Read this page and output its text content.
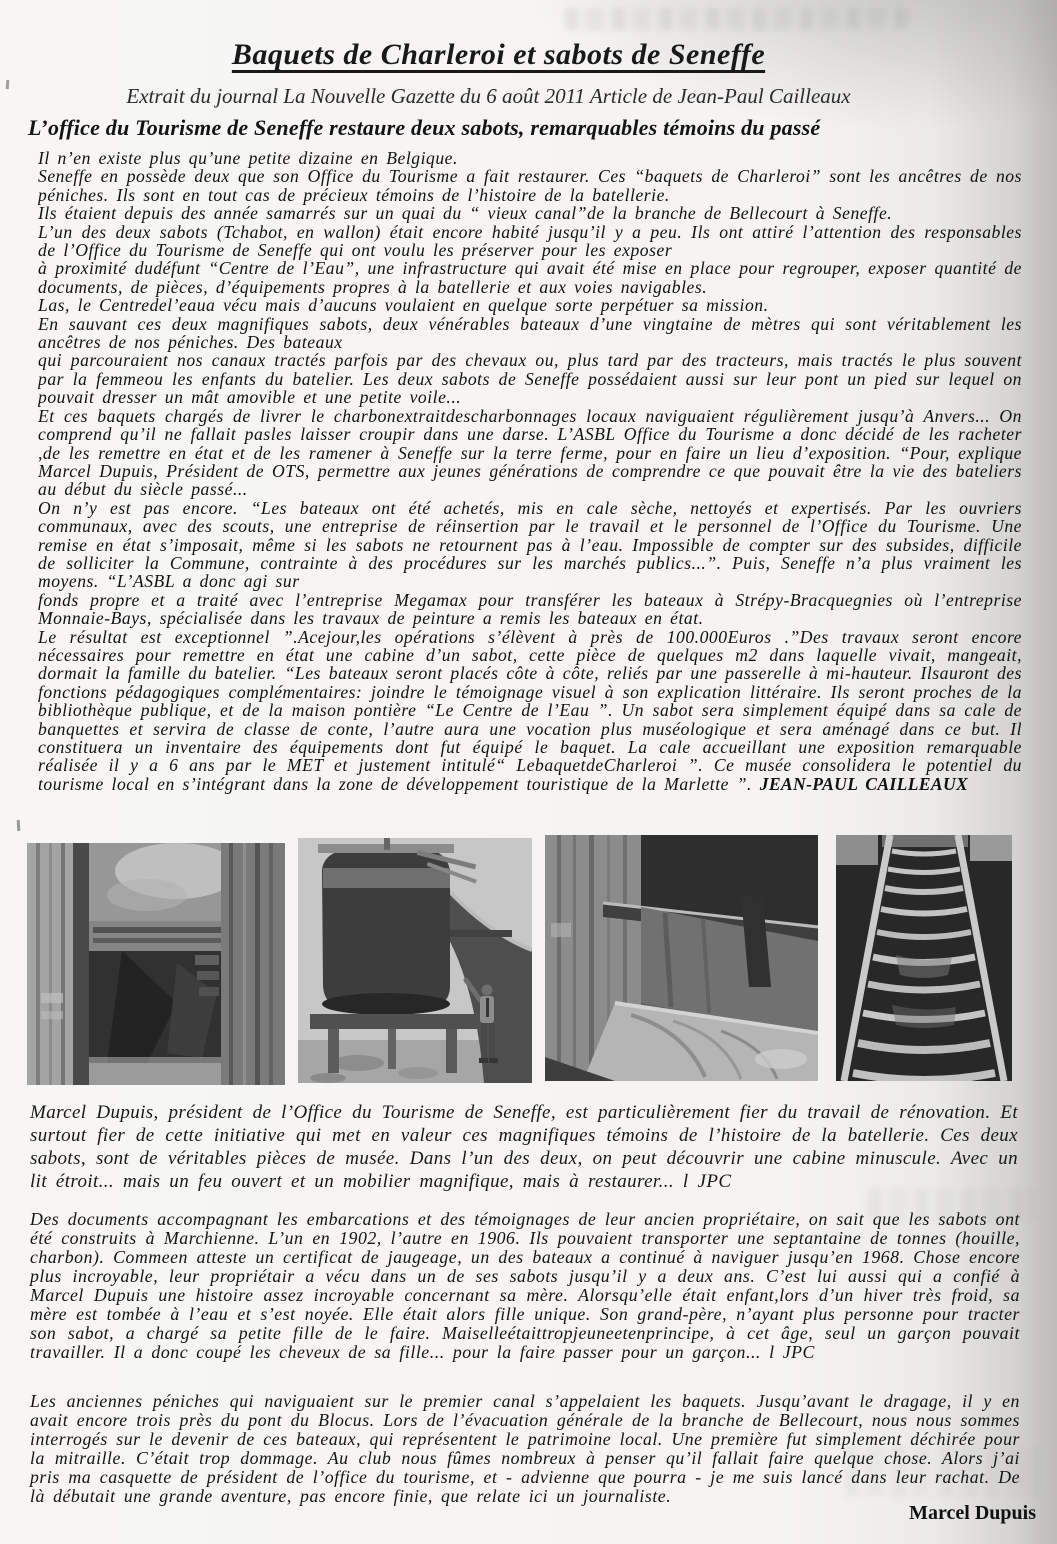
Baquets de Charleroi et sabots de Seneffe
Extrait du journal La Nouvelle Gazette du 6 août 2011 Article de Jean-Paul Cailleaux
L’office du Tourisme de Seneffe restaure deux sabots, remarquables témoins du passé

Il n’en existe plus qu’une petite dizaine en Belgique.

Seneffe en possède deux que son Office du Tourisme a fait restaurer. Ces “baquets de Charleroi” sont les ancêtres de nos péniches. Ils sont en tout cas de précieux témoins de l’histoire de la batellerie.

Ils étaient depuis des année samarrés sur un quai du “ vieux canal”de la branche de Bellecourt à Seneffe.

L’un des deux sabots (Tchabot, en wallon) était encore habité jusqu’il y a peu. Ils ont attiré l’attention des responsables de l’Office du Tourisme de Seneffe qui ont voulu les préserver pour les exposer

à proximité dudéfunt “Centre de l’Eau”, une infrastructure qui avait été mise en place pour regrouper, exposer quantité de documents, de pièces, d’équipements propres à la batellerie et aux voies navigables.

Las, le Centredel’eaua vécu mais d’aucuns voulaient en quelque sorte perpétuer sa mission.

En sauvant ces deux magnifiques sabots, deux vénérables bateaux d’une vingtaine de mètres qui sont véritablement les ancêtres de nos péniches. Des bateaux

qui parcouraient nos canaux tractés parfois par des chevaux ou, plus tard par des tracteurs, mais tractés le plus souvent par la femmeou les enfants du batelier. Les deux sabots de Seneffe possédaient aussi sur leur pont un pied sur lequel on pouvait dresser un mât amovible et une petite voile...

Et ces baquets chargés de livrer le charbonextraitdescharbonnages locaux naviguaient régulièrement jusqu’à Anvers... On comprend qu’il ne fallait pasles laisser croupir dans une darse. L’ASBL Office du Tourisme a donc décidé de les racheter ,de les remettre en état et de les ramener à Seneffe sur la terre ferme, pour en faire un lieu d’exposition. “Pour, explique Marcel Dupuis, Président de OTS, permettre aux jeunes générations de comprendre ce que pouvait être la vie des bateliers au début du siècle passé...

On n’y est pas encore. “Les bateaux ont été achetés, mis en cale sèche, nettoyés et expertisés. Par les ouvriers communaux, avec des scouts, une entreprise de réinsertion par le travail et le personnel de l’Office du Tourisme. Une remise en état s’imposait, même si les sabots ne retournent pas à l’eau. Impossible de compter sur des subsides, difficile de solliciter la Commune, contrainte à des procédures sur les marchés publics...”. Puis, Seneffe n’a plus vraiment les moyens. “L’ASBL a donc agi sur

fonds propre et a traité avec l’entreprise Megamax pour transférer les bateaux à Strépy-Bracquegnies où l’entreprise Monnaie-Bays, spécialisée dans les travaux de peinture a remis les bateaux en état.

Le résultat est exceptionnel ”.Acejour,les opérations s’élèvent à près de 100.000Euros .”Des travaux seront encore nécessaires pour remettre en état une cabine d’un sabot, cette pièce de quelques m2 dans laquelle vivait, mangeait, dormait la famille du batelier. “Les bateaux seront placés côte à côte, reliés par une passerelle à mi-hauteur. Ilsauront des fonctions pédagogiques complémentaires: joindre le témoignage visuel à son explication littéraire. Ils seront proches de la bibliothèque publique, et de la maison pontière “Le Centre de l’Eau ”. Un sabot sera simplement équipé dans sa cale de banquettes et servira de classe de conte, l’autre aura une vocation plus muséologique et sera aménagé dans ce but. Il constituera un inventaire des équipements dont fut équipé le baquet. La cale accueillant une exposition remarquable réalisée il y a 6 ans par le MET et justement intitulé“ LebaquetdeCharleroi ”. Ce musée consolidera le potentiel du tourisme local en s’intégrant dans la zone de développement touristique de la Marlette ”. JEAN-PAUL CAILLEAUX

Marcel Dupuis, président de l’Office du Tourisme de Seneffe, est particulièrement fier du travail de rénovation. Et surtout fier de cette initiative qui met en valeur ces magnifiques témoins de l’histoire de la batellerie. Ces deux sabots, sont de véritables pièces de musée. Dans l’un des deux, on peut découvrir une cabine minuscule. Avec un lit étroit... mais un feu ouvert et un mobilier magnifique, mais à restaurer... l JPC

Des documents accompagnant les embarcations et des témoignages de leur ancien propriétaire, on sait que les sabots ont été construits à Marchienne. L’un en 1902, l’autre en 1906. Ils pouvaient transporter une septantaine de tonnes (houille, charbon). Commeen atteste un certificat de jaugeage, un des bateaux a continué à naviguer jusqu’en 1968. Chose encore plus incroyable, leur propriétair a vécu dans un de ses sabots jusqu’il y a deux ans. C’est lui aussi qui a confié à Marcel Dupuis une histoire assez incroyable concernant sa mère. Alorsqu’elle était enfant,lors d’un hiver très froid, sa mère est tombée à l’eau et s’est noyée. Elle était alors fille unique. Son grand-père, n’ayant plus personne pour tracter son sabot, a chargé sa petite fille de le faire. Maiselleétaittropjeuneetenprincipe, à cet âge, seul un garçon pouvait travailler. Il a donc coupé les cheveux de sa fille... pour la faire passer pour un garçon... l JPC

Les anciennes péniches qui naviguaient sur le premier canal s’appelaient les baquets. Jusqu’avant le dragage, il y en avait encore trois près du pont du Blocus. Lors de l’évacuation générale de la branche de Bellecourt, nous nous sommes interrogés sur le devenir de ces bateaux, qui représentent le patrimoine local. Une première fut simplement déchirée pour la mitraille. C’était trop dommage. Au club nous fûmes nombreux à penser qu’il fallait faire quelque chose. Alors j’ai pris ma casquette de président de l’office du tourisme, et - advienne que pourra - je me suis lancé dans leur rachat. De là débutait une grande aventure, pas encore finie, que relate ici un journaliste.

Marcel Dupuis
